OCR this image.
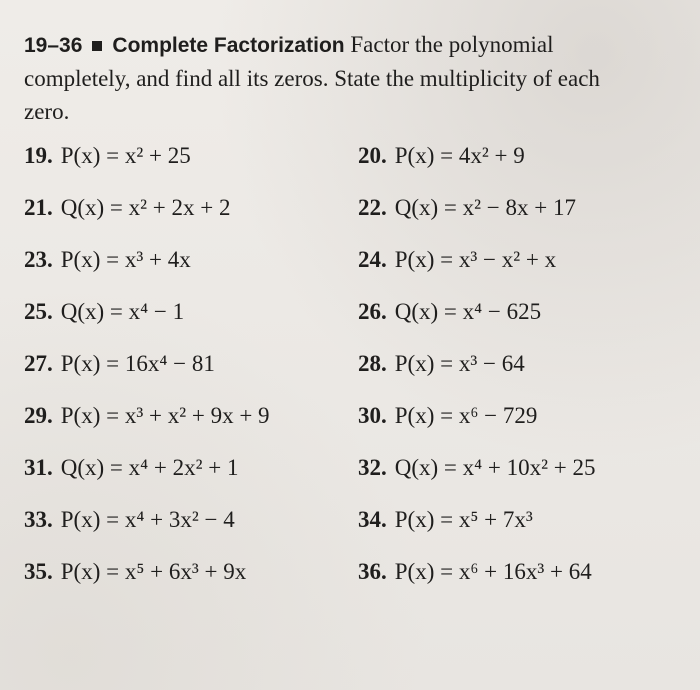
19–36 Complete Factorization Factor the polynomial completely, and find all its zeros. State the multiplicity of each zero.
19. P(x) = x² + 25	20. P(x) = 4x² + 9
21. Q(x) = x² + 2x + 2	22. Q(x) = x² − 8x + 17
23. P(x) = x³ + 4x	24. P(x) = x³ − x² + x
25. Q(x) = x⁴ − 1	26. Q(x) = x⁴ − 625
27. P(x) = 16x⁴ − 81	28. P(x) = x³ − 64
29. P(x) = x³ + x² + 9x + 9	30. P(x) = x⁶ − 729
31. Q(x) = x⁴ + 2x² + 1	32. Q(x) = x⁴ + 10x² + 25
33. P(x) = x⁴ + 3x² − 4	34. P(x) = x⁵ + 7x³
35. P(x) = x⁵ + 6x³ + 9x	36. P(x) = x⁶ + 16x³ + 64
